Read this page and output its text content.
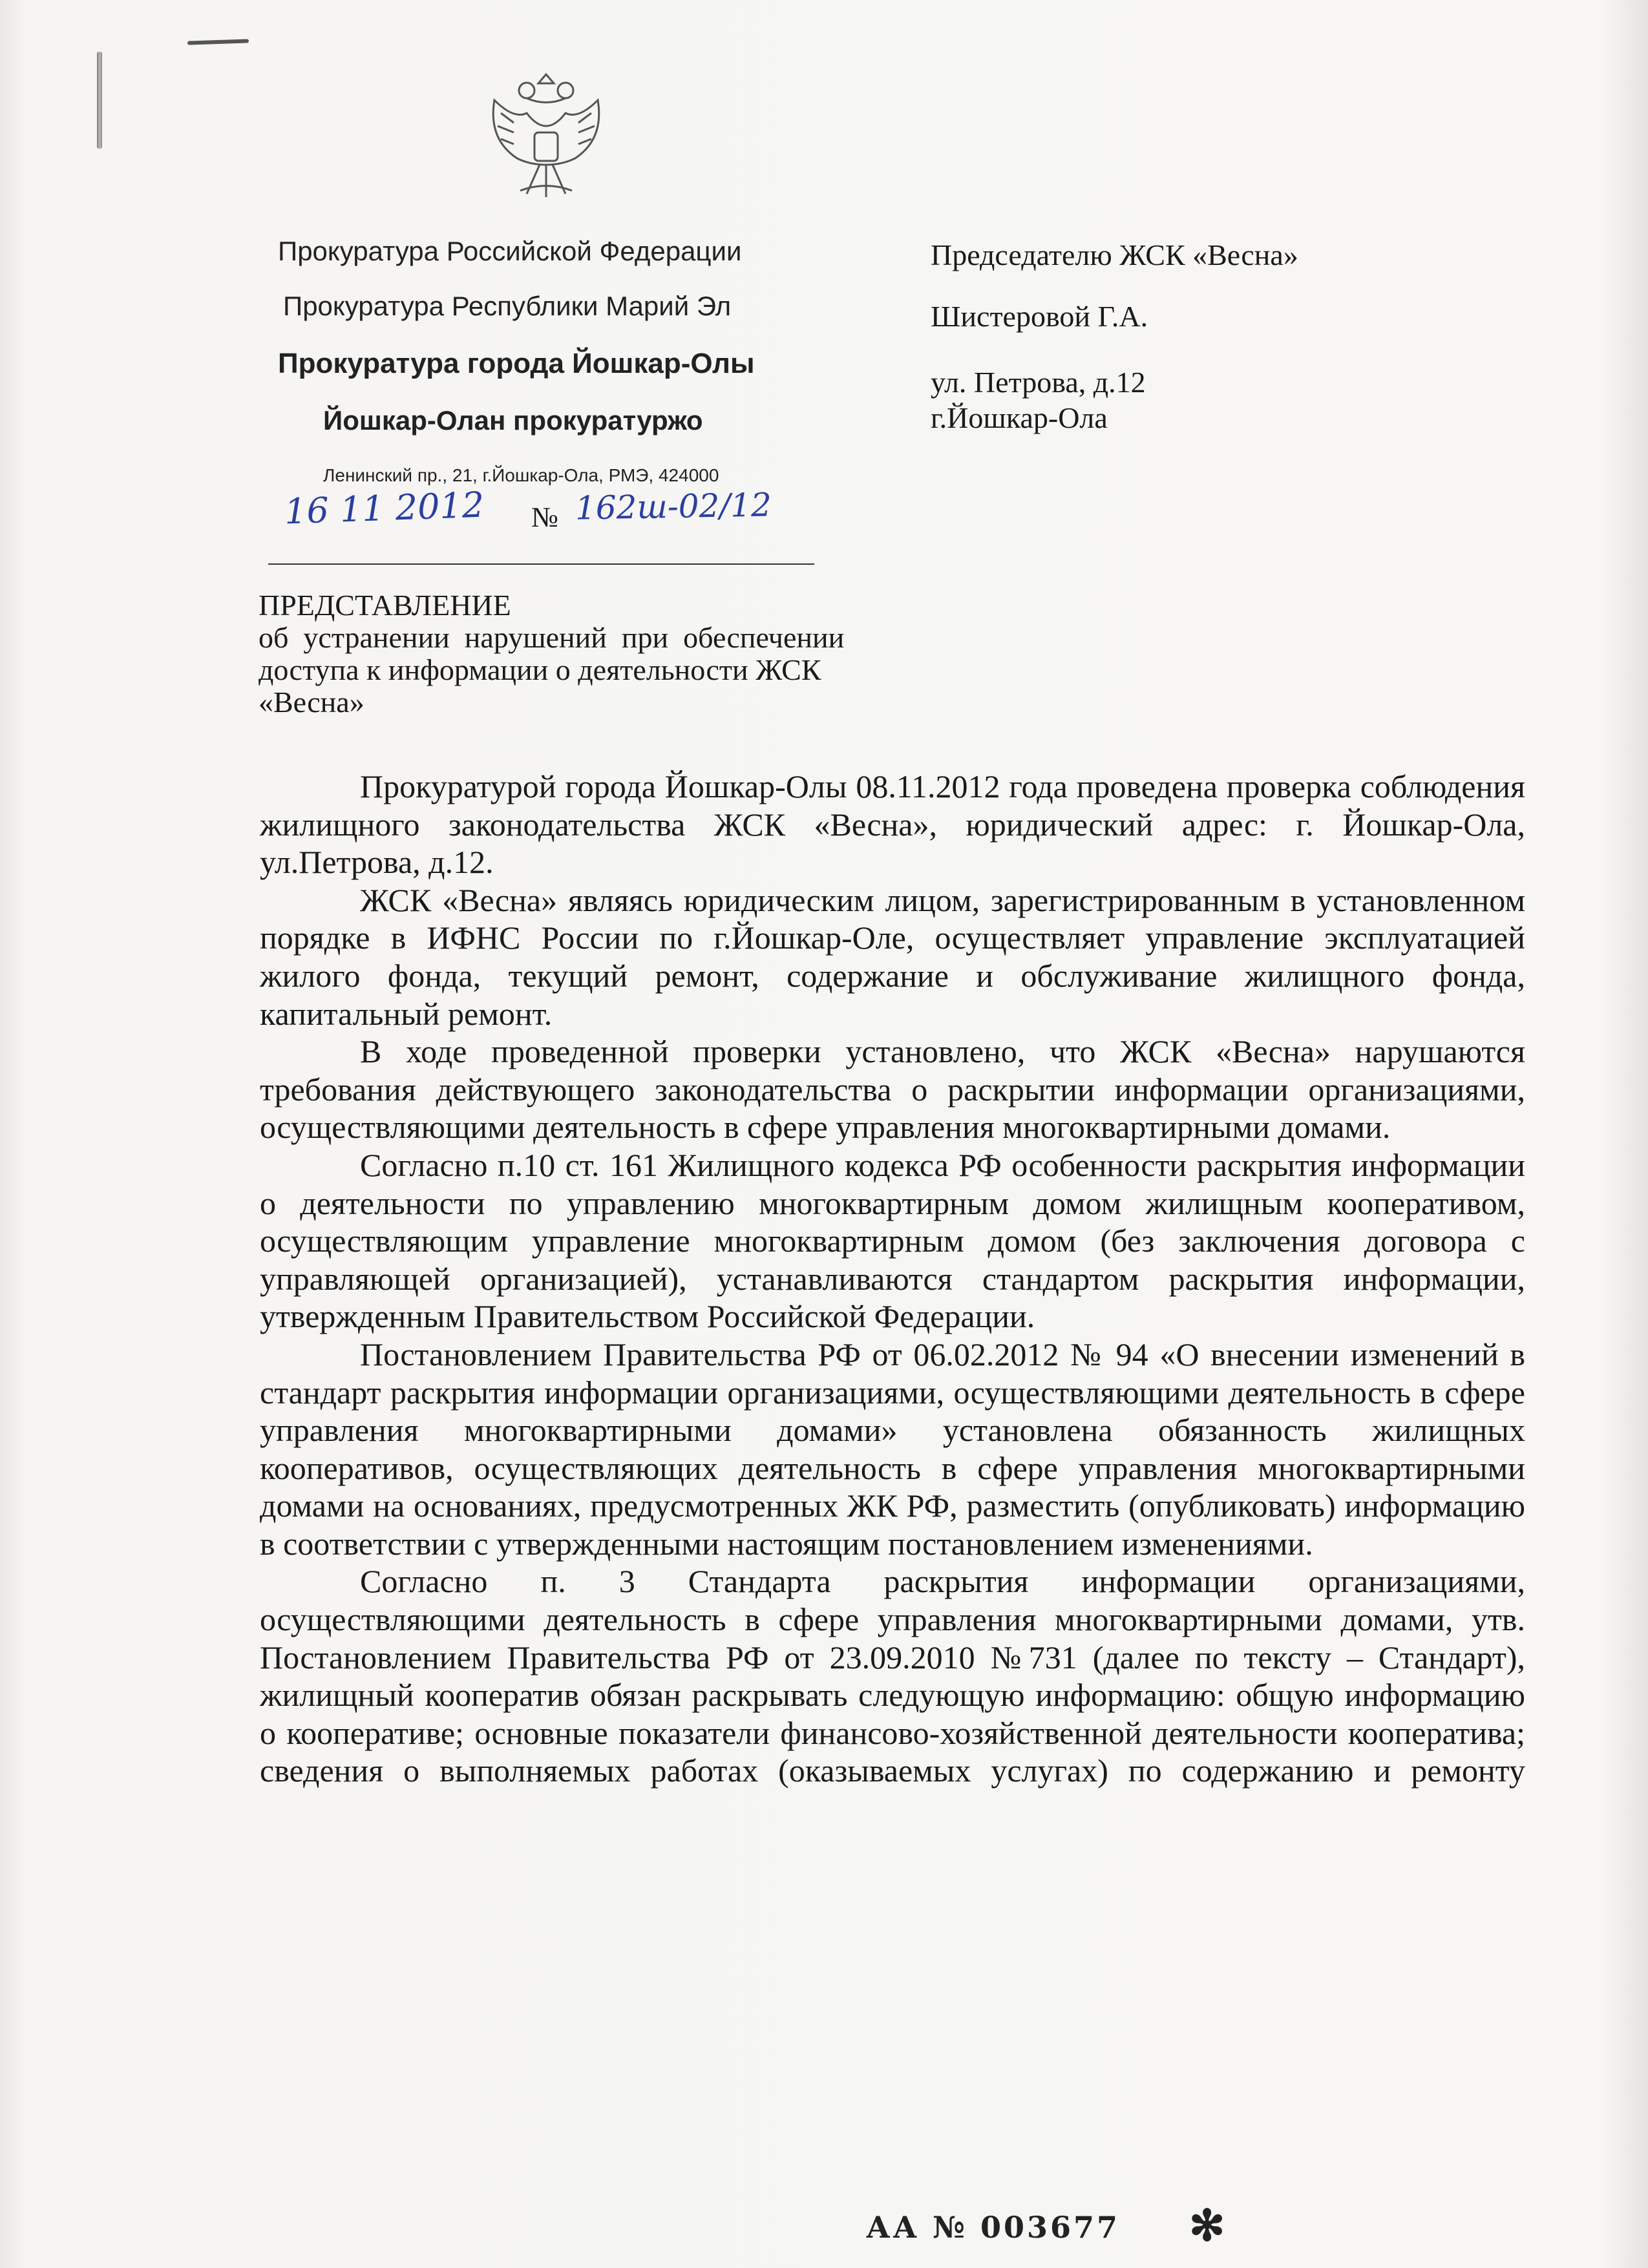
Прокуратура Российской Федерации
Прокуратура Республики Марий Эл
Прокуратура города Йошкар-Олы
Йошкар-Олан прокуратуржо
Ленинский пр., 21, г.Йошкар-Ола, РМЭ, 424000
16 11 2012 № 162ш-02/12
Председателю ЖСК «Весна»
Шистеровой Г.А.
ул. Петрова, д.12
г.Йошкар-Ола
ПРЕДСТАВЛЕНИЕ
об  устранении  нарушений  при  обеспечении
доступа к информации о деятельности ЖСК
«Весна»

Прокуратурой города Йошкар-Олы 08.11.2012 года проведена проверка соблюдения жилищного законодательства ЖСК «Весна», юридический адрес: г. Йошкар-Ола, ул.Петрова, д.12.

ЖСК «Весна» являясь юридическим лицом, зарегистрированным в установленном порядке в ИФНС России по г.Йошкар-Оле, осуществляет управление эксплуатацией жилого фонда, текущий ремонт, содержание и обслуживание жилищного фонда, капитальный ремонт.

В ходе проведенной проверки установлено, что ЖСК «Весна» нарушаются требования действующего законодательства о раскрытии информации организациями, осуществляющими деятельность в сфере управления многоквартирными домами.

Согласно п.10 ст. 161 Жилищного кодекса РФ особенности раскрытия информации о деятельности по управлению многоквартирным домом жилищным кооперативом, осуществляющим управление многоквартирным домом (без заключения договора с управляющей организацией), устанавливаются стандартом раскрытия информации, утвержденным Правительством Российской Федерации.

Постановлением Правительства РФ от 06.02.2012 № 94 «О внесении изменений в стандарт раскрытия информации организациями, осуществляющими деятельность в сфере управления многоквартирными домами» установлена обязанность жилищных кооперативов, осуществляющих деятельность в сфере управления многоквартирными домами на основаниях, предусмотренных ЖК РФ, разместить (опубликовать) информацию в соответствии с утвержденными настоящим постановлением изменениями.

Согласно п. 3 Стандарта раскрытия информации организациями, осуществляющими деятельность в сфере управления многоквартирными домами, утв. Постановлением Правительства РФ от 23.09.2010 №731 (далее по тексту – Стандарт), жилищный кооператив обязан раскрывать следующую информацию: общую информацию о кооперативе; основные показатели финансово-хозяйственной деятельности кооператива; сведения о выполняемых работах (оказываемых услугах) по содержанию и ремонту

АА № 003677 ✻
